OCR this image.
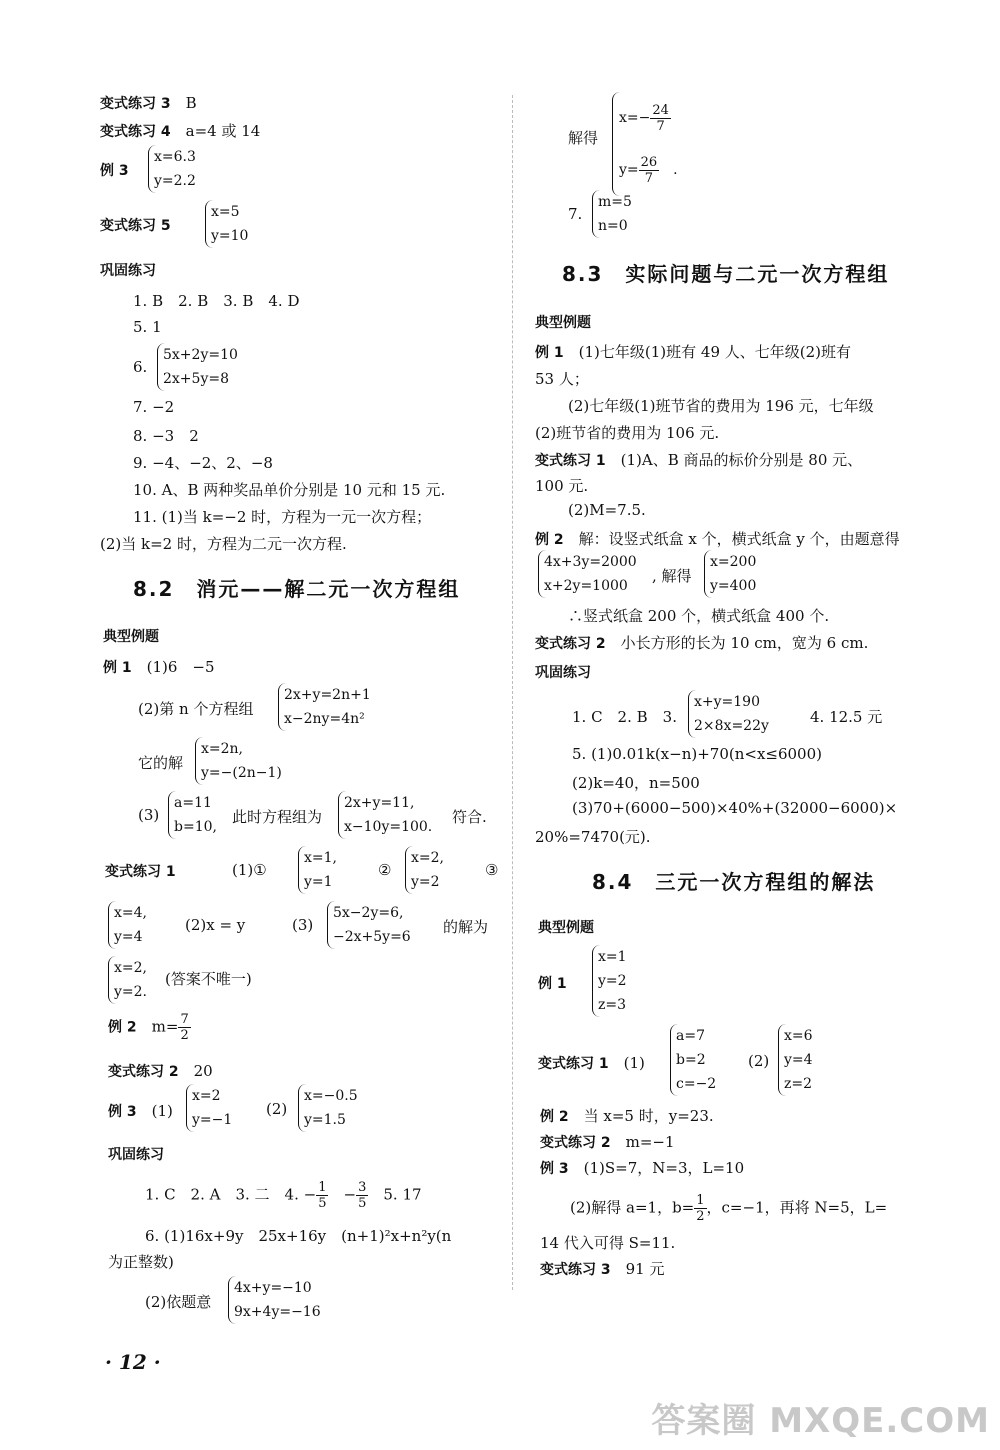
变式练习 3　 B
变式练习 4　 a=4 或 14
例 3
x=6.3
y=2.2
变式练习 5
x=5
y=10
巩固练习
1. B　 2. B　 3. B　 4. D
5. 1
6.
5x+2y=10
2x+5y=8
7. −2
8. −3　2
9. −4、−2、2、−8
10. A、B 两种奖品单价分别是 10 元和 15 元.
11. (1)当 k=−2 时，方程为一元一次方程；
(2)当 k=2 时，方程为二元一次方程.
8.2　消元——解二元一次方程组
典型例题
例 1　 (1)6　−5
(2)第 n 个方程组
2x+y=2n+1
x−2ny=4n²
它的解
x=2n,
y=−(2n−1)
(3)
a=11
b=10,
此时方程组为
2x+y=11,
x−10y=100.
符合.
变式练习 1	(1)①
x=1,
y=1
②
x=2,
y=2
③
x=4,
y=4
(2)x = y	(3)
5x−2y=6,
−2x+5y=6
的解为
x=2,
y=2.
(答案不唯一)
例 2　 $m= \frac{7}{2}$
变式练习 2　 20
例 3　 (1)
x=2
y=−1
(2)
x=−0.5
y=1.5
巩固练习
1. C　2. A　3. 二　4. − $\frac{1}{5}$
　 − $\frac{3}{5}$
　 5. 17
6. (1)16x+9y　25x+16y　(n+1)²x+n²y(n
为正整数)
(2)依题意
4x+y=−10
9x+4y=−16
· 12 ·
解得
$x=- \frac{24}{7}$
$y= \frac{26}{7}$ 　.
7.
m=5
n=0
8.3　实际问题与二元一次方程组
典型例题
例 1　 (1)七年级(1)班有 49 人、七年级(2)班有
53 人；
(2)七年级(1)班节省的费用为 196 元，七年级
(2)班节省的费用为 106 元.
变式练习 1　 (1)A、B 商品的标价分别是 80 元、
100 元.
(2)M=7.5.
例 2　 解：设竖式纸盒 x 个，横式纸盒 y 个，由题意得
4x+3y=2000
x+2y=1000
, 解得
x=200
y=400
∴竖式纸盒 200 个，横式纸盒 400 个.
变式练习 2　 小长方形的长为 10 cm，宽为 6 cm.
巩固练习
1. C　2. B　3.
x+y=190
2×8x=22y	4. 12.5 元
5. (1)0.01k(x−n)+70(n<x≤6000)
(2)k=40，n=500
(3)70+(6000−500)×40%+(32000−6000)×
20%=7470(元).
8.4　三元一次方程组的解法
典型例题
例 1
x=1
y=2
z=3
变式练习 1　 (1)
a=7
b=2
c=−2
(2)
x=6
y=4
z=2
例 2　 当 x=5 时，y=23.
变式练习 2　 m=−1
例 3　 (1)S=7，N=3，L=10
(2)解得 a=1，$b= \frac{1}{2}$ ，c=−1，再将 N=5，L=
14 代入可得 S=11.
变式练习 3　 91 元
答案圈 MXQE.COM
